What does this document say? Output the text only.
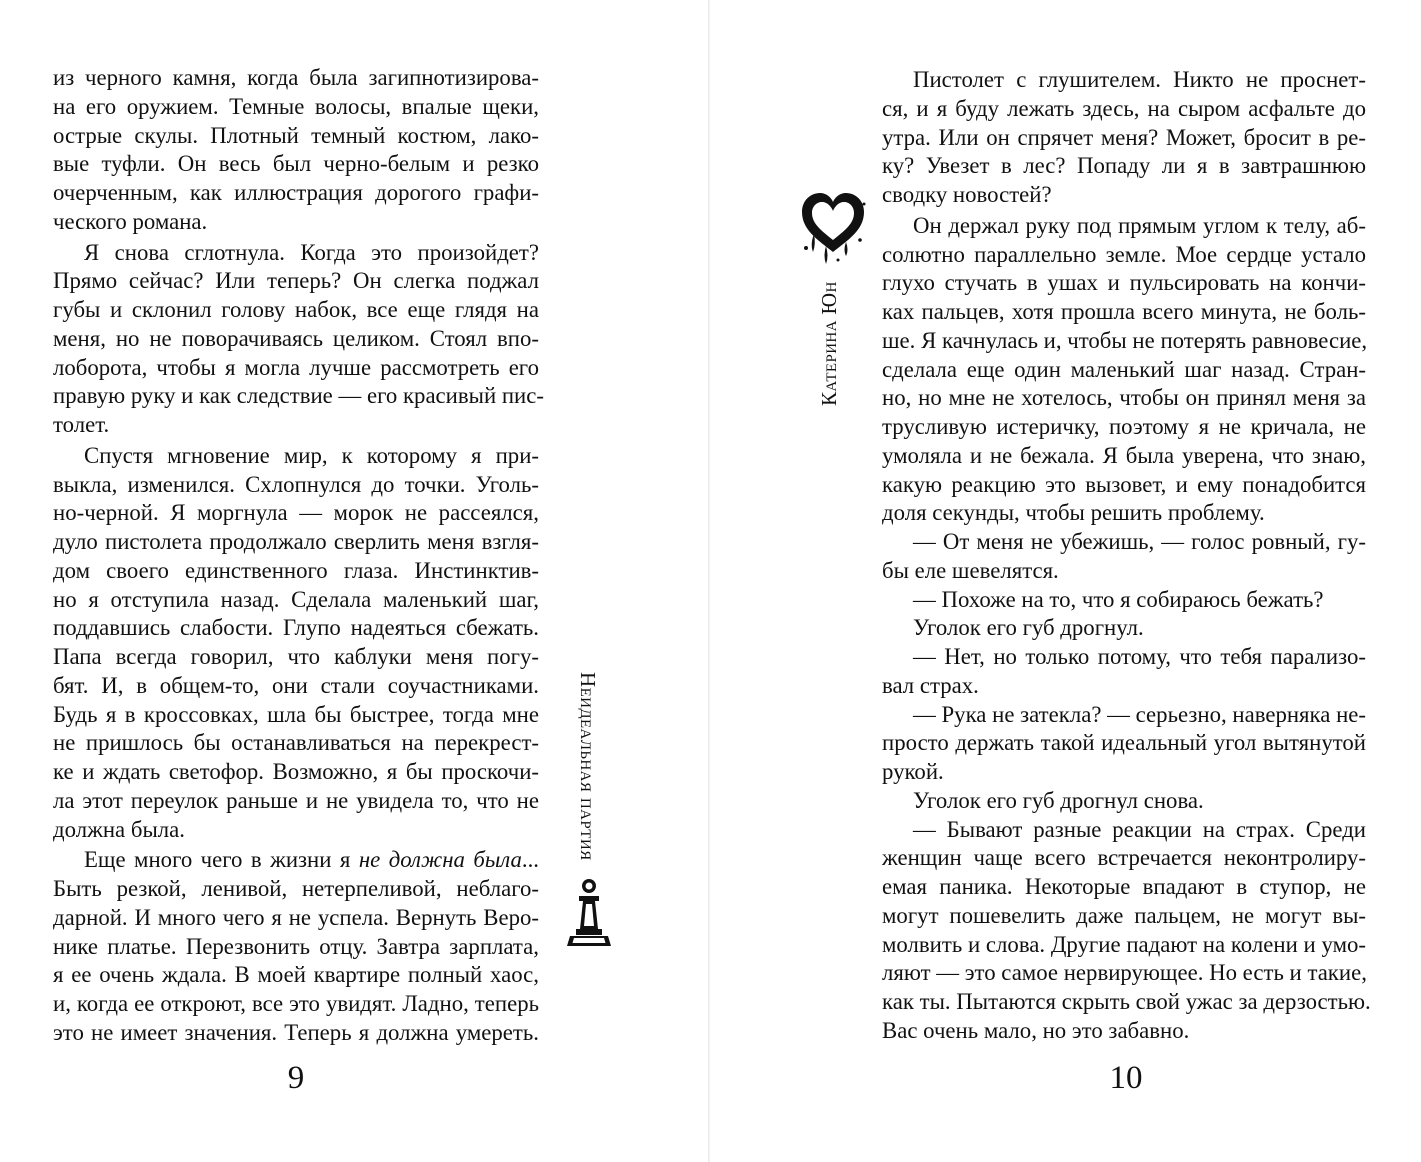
из черного камня, когда была загипнотизирова-
на его оружием. Темные волосы, впалые щеки,
острые скулы. Плотный темный костюм, лако-
вые туфли. Он весь был черно-белым и резко
очерченным, как иллюстрация дорогого графи-
ческого романа.
Я снова сглотнула. Когда это произойдет?
Прямо сейчас? Или теперь? Он слегка поджал
губы и склонил голову набок, все еще глядя на
меня, но не поворачиваясь целиком. Стоял впо-
лоборота, чтобы я могла лучше рассмотреть его
правую руку и как следствие — его красивый пис-
толет.
Спустя мгновение мир, к которому я при-
выкла, изменился. Схлопнулся до точки. Уголь-
но-черной. Я моргнула — морок не рассеялся,
дуло пистолета продолжало сверлить меня взгля-
дом своего единственного глаза. Инстинктив-
но я отступила назад. Сделала маленький шаг,
поддавшись слабости. Глупо надеяться сбежать.
Папа всегда говорил, что каблуки меня погу-
бят. И, в общем-то, они стали соучастниками.
Будь я в кроссовках, шла бы быстрее, тогда мне
не пришлось бы останавливаться на перекрест-
ке и ждать светофор. Возможно, я бы проскочи-
ла этот переулок раньше и не увидела то, что не
должна была.
Еще много чего в жизни я не должна была...
Быть резкой, ленивой, нетерпеливой, неблаго-
дарной. И много чего я не успела. Вернуть Веро-
нике платье. Перезвонить отцу. Завтра зарплата,
я ее очень ждала. В моей квартире полный хаос,
и, когда ее откроют, все это увидят. Ладно, теперь
это не имеет значения. Теперь я должна умереть.
9
Неидеальная партия
Катерина Юн
Пистолет с глушителем. Никто не проснет-
ся, и я буду лежать здесь, на сыром асфальте до
утра. Или он спрячет меня? Может, бросит в ре-
ку? Увезет в лес? Попаду ли я в завтрашнюю
сводку новостей?
Он держал руку под прямым углом к телу, аб-
солютно параллельно земле. Мое сердце устало
глухо стучать в ушах и пульсировать на кончи-
ках пальцев, хотя прошла всего минута, не боль-
ше. Я качнулась и, чтобы не потерять равновесие,
сделала еще один маленький шаг назад. Стран-
но, но мне не хотелось, чтобы он принял меня за
трусливую истеричку, поэтому я не кричала, не
умоляла и не бежала. Я была уверена, что знаю,
какую реакцию это вызовет, и ему понадобится
доля секунды, чтобы решить проблему.
— От меня не убежишь, — голос ровный, гу-
бы еле шевелятся.
— Похоже на то, что я собираюсь бежать?
Уголок его губ дрогнул.
— Нет, но только потому, что тебя парализо-
вал страх.
— Рука не затекла? — серьезно, наверняка не-
просто держать такой идеальный угол вытянутой
рукой.
Уголок его губ дрогнул снова.
— Бывают разные реакции на страх. Среди
женщин чаще всего встречается неконтролиру-
емая паника. Некоторые впадают в ступор, не
могут пошевелить даже пальцем, не могут вы-
молвить и слова. Другие падают на колени и умо-
ляют — это самое нервирующее. Но есть и такие,
как ты. Пытаются скрыть свой ужас за дерзостью.
Вас очень мало, но это забавно.
10
